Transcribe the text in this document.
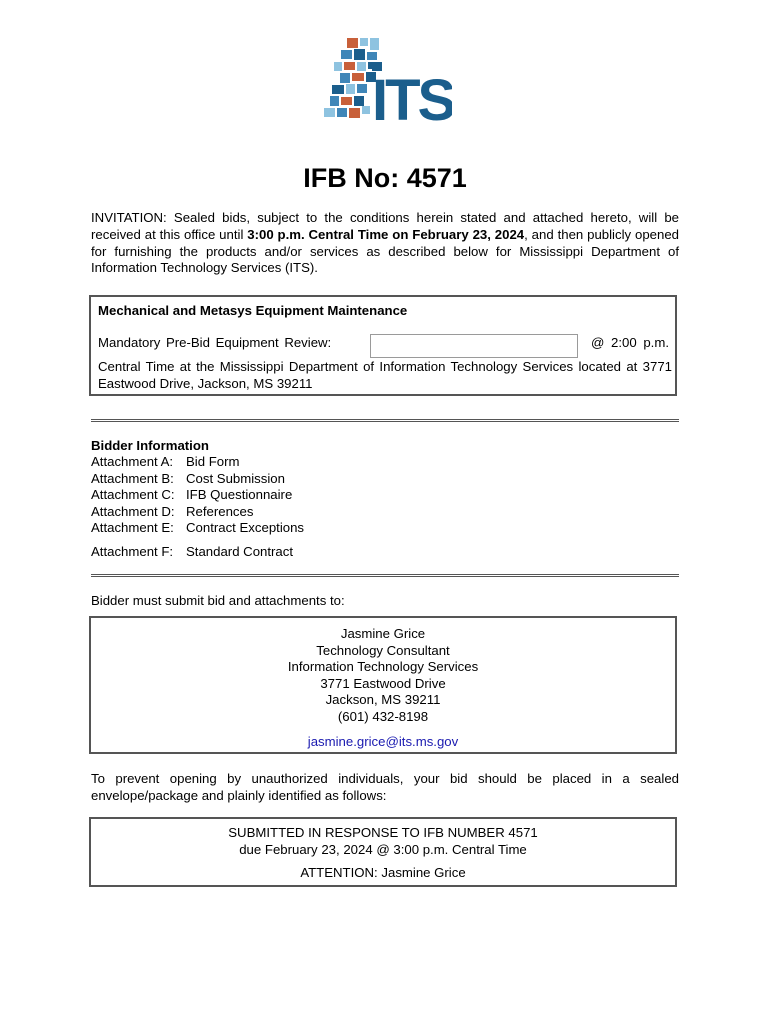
ITS
IFB No: 4571
INVITATION: Sealed bids, subject to the conditions herein stated and attached hereto, will be received at this office until 3:00 p.m. Central Time on February 23, 2024, and then publicly opened for furnishing the products and/or services as described below for Mississippi Department of Information Technology Services (ITS).
Mechanical and Metasys Equipment Maintenance
Mandatory Pre-Bid Equipment Review:	@ 2:00 p.m.
Central Time at the Mississippi Department of Information Technology Services located at 3771 Eastwood Drive, Jackson, MS 39211
Bidder Information
Attachment A: Bid Form
Attachment B: Cost Submission
Attachment C: IFB Questionnaire
Attachment D: References
Attachment E: Contract Exceptions
Attachment F: Standard Contract
Bidder must submit bid and attachments to:
Jasmine Grice
Technology Consultant
Information Technology Services
3771 Eastwood Drive
Jackson, MS 39211
(601) 432-8198
jasmine.grice@its.ms.gov
To prevent opening by unauthorized individuals, your bid should be placed in a sealed envelope/package and plainly identified as follows:
SUBMITTED IN RESPONSE TO IFB NUMBER 4571
due February 23, 2024 @ 3:00 p.m. Central Time
ATTENTION: Jasmine Grice
